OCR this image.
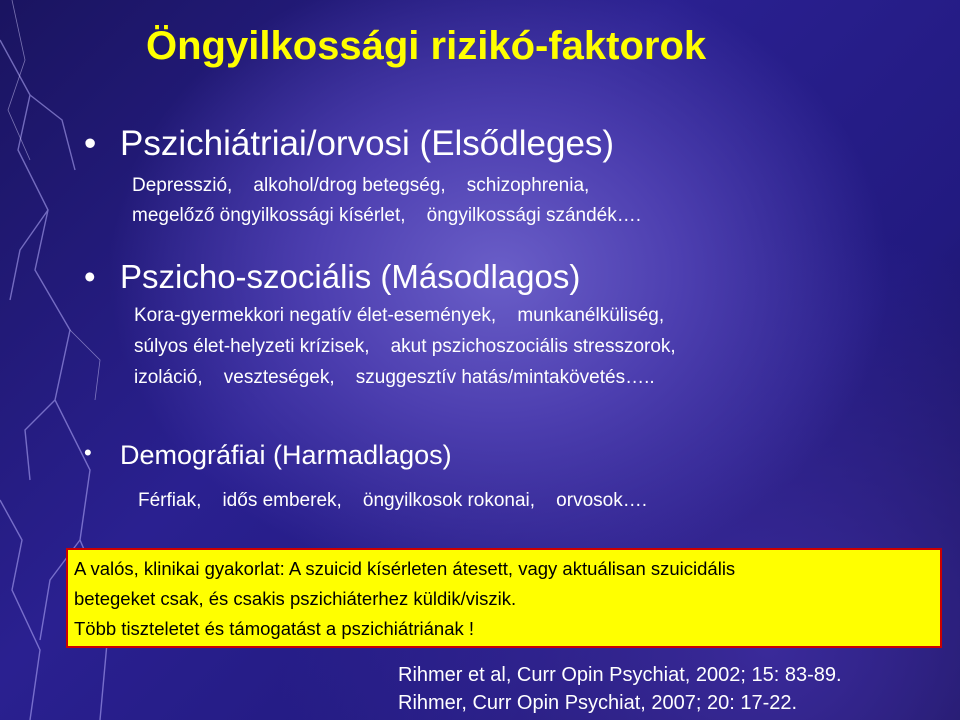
Öngyilkossági rizikó-faktorok
• Pszichiátriai/orvosi (Elsődleges)
Depresszió,    alkohol/drog betegség,    schizophrenia,
megelőző öngyilkossági kísérlet,    öngyilkossági szándék….
• Pszicho-szociális (Másodlagos)
Kora-gyermekkori negatív élet-események,    munkanélküliség,
súlyos élet-helyzeti krízisek,    akut pszichoszociális stresszorok,
izoláció,    veszteségek,    szuggesztív hatás/mintakövetés…..
• Demográfiai (Harmadlagos)
Férfiak,    idős emberek,    öngyilkosok rokonai,    orvosok….
A valós, klinikai gyakorlat: A szuicid kísérleten átesett, vagy aktuálisan szuicidális
betegeket csak, és csakis pszichiáterhez küldik/viszik.
Több tiszteletet és támogatást a pszichiátriának !
Rihmer et al, Curr Opin Psychiat, 2002; 15: 83-89.
Rihmer, Curr Opin Psychiat, 2007; 20: 17-22.
